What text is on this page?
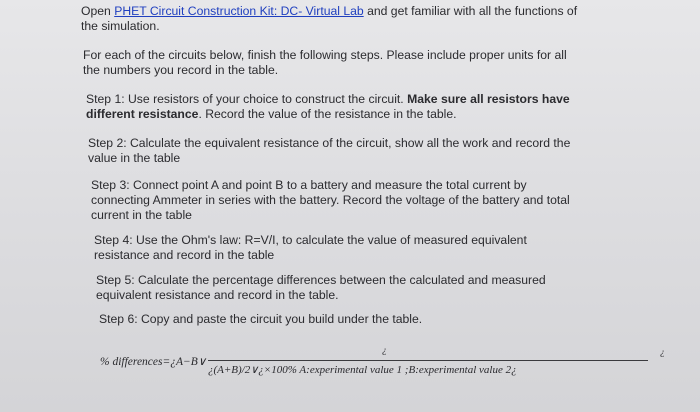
Open PHET Circuit Construction Kit: DC- Virtual Lab and get familiar with all the functions of the simulation.

For each of the circuits below, finish the following steps. Please include proper units for all the numbers you record in the table.

Step 1: Use resistors of your choice to construct the circuit. Make sure all resistors have different resistance. Record the value of the resistance in the table.

Step 2: Calculate the equivalent resistance of the circuit, show all the work and record the value in the table

Step 3: Connect point A and point B to a battery and measure the total current by connecting Ammeter in series with the battery. Record the voltage of the battery and total current in the table

Step 4: Use the Ohm's law: R=V/I, to calculate the value of measured equivalent resistance and record in the table

Step 5: Calculate the percentage differences between the calculated and measured equivalent resistance and record in the table.

Step 6: Copy and paste the circuit you build under the table.

% differences=¿A−B∨
¿
¿(A+B)/2∨¿×100% A:experimental value 1 ;B:experimental value 2¿
¿
